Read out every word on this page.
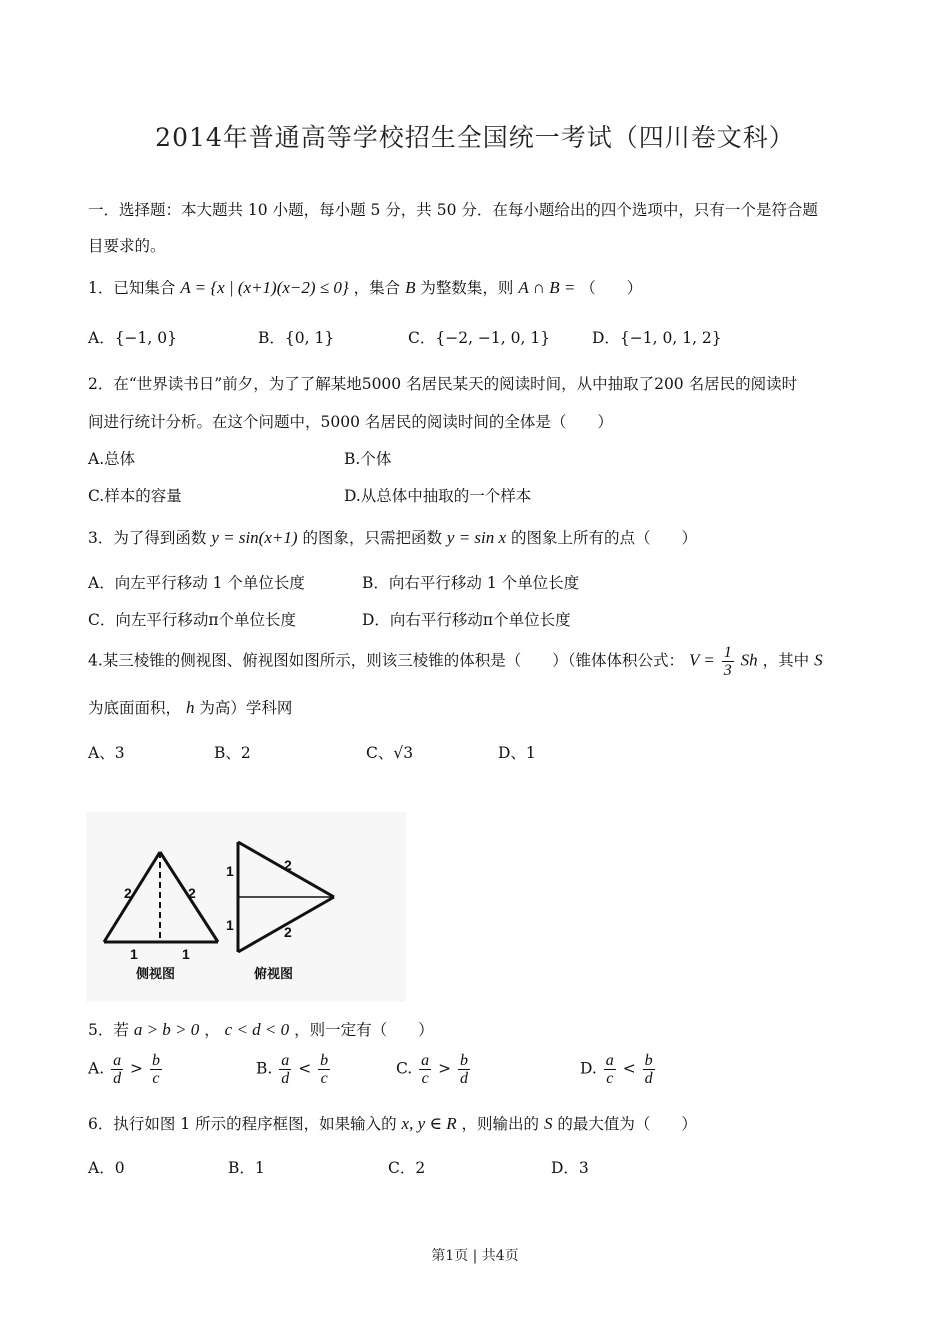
2014年普通高等学校招生全国统一考试（四川卷文科）
一．选择题：本大题共 10 小题，每小题 5 分，共 50 分．在每小题给出的四个选项中，只有一个是符合题
目要求的。
1．已知集合 A = {x | (x+1)(x−2) ≤ 0} ，集合 B 为整数集，则 A ∩ B = （　　）
A．{−1, 0}	B．{0, 1}	C．{−2, −1, 0, 1}	D．{−1, 0, 1, 2}
2．在“世界读书日”前夕，为了了解某地5000 名居民某天的阅读时间，从中抽取了200 名居民的阅读时
间进行统计分析。在这个问题中，5000 名居民的阅读时间的全体是（　　）
A.总体	B.个体
C.样本的容量	D.从总体中抽取的一个样本
3．为了得到函数 y = sin(x+1) 的图象，只需把函数 y = sin x 的图象上所有的点（　　）
A．向左平行移动 1 个单位长度	B．向右平行移动 1 个单位长度
C．向左平行移动π个单位长度	D．向右平行移动π个单位长度
4.某三棱锥的侧视图、俯视图如图所示，则该三棱锥的体积是（　　）（锥体体积公式： $V = \frac{1}{3}$ Sh ，其中 S
为底面面积， h 为高）学科网
A、3	B、2	C、√3	D、1
2	2
1	1
2
2
1
1
侧视图	俯视图
5．若 a > b > 0 ， c < d < 0 ，则一定有（　　）
A. $\frac{a}{d} > \frac{b}{c}$	B. $\frac{a}{d} < \frac{b}{c}$	C. $\frac{a}{c} > \frac{b}{d}$	D. $\frac{a}{c} < \frac{b}{d}$
6．执行如图 1 所示的程序框图，如果输入的 x, y ∈ R ，则输出的 S 的最大值为（　　）
A．0	B．1	C．2	D．3
第1页 | 共4页
